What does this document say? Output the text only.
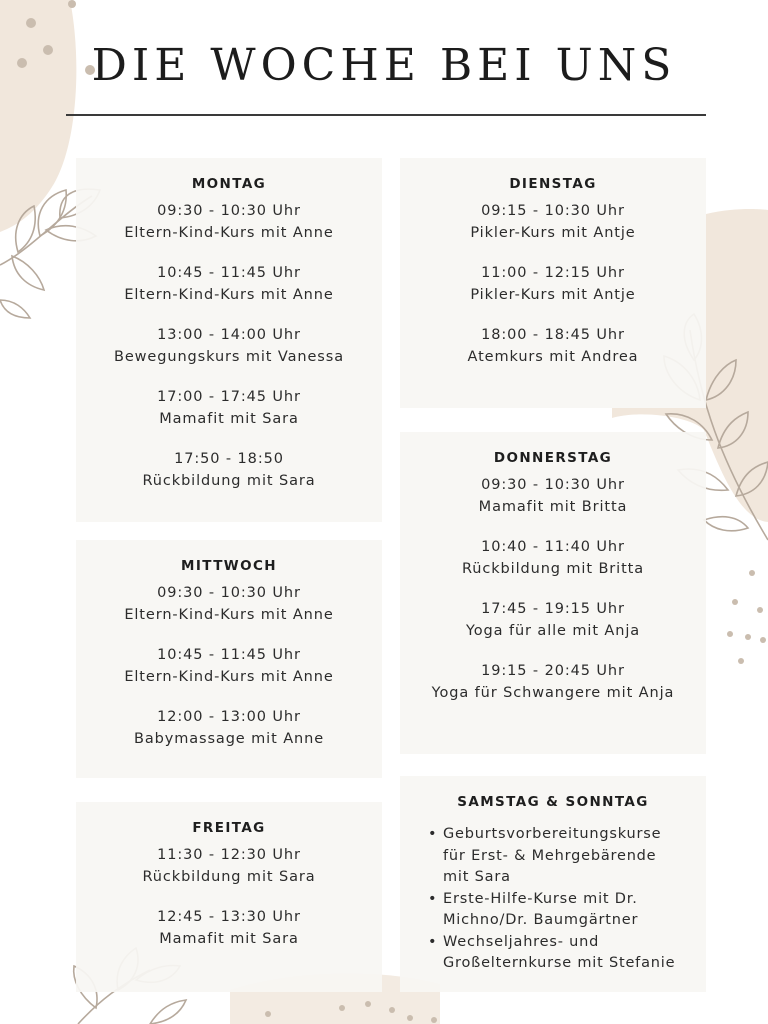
DIE WOCHE BEI UNS
MONTAG
09:30 - 10:30 Uhr
Eltern-Kind-Kurs mit Anne
10:45 - 11:45 Uhr
Eltern-Kind-Kurs mit Anne
13:00 - 14:00 Uhr
Bewegungskurs mit Vanessa
17:00 - 17:45 Uhr
Mamafit mit Sara
17:50 - 18:50
Rückbildung mit Sara
DIENSTAG
09:15 - 10:30 Uhr
Pikler-Kurs mit Antje
11:00 - 12:15 Uhr
Pikler-Kurs mit Antje
18:00 - 18:45 Uhr
Atemkurs mit Andrea
MITTWOCH
09:30 - 10:30 Uhr
Eltern-Kind-Kurs mit Anne
10:45 - 11:45 Uhr
Eltern-Kind-Kurs mit Anne
12:00 - 13:00 Uhr
Babymassage mit Anne
DONNERSTAG
09:30 - 10:30 Uhr
Mamafit mit Britta
10:40 - 11:40 Uhr
Rückbildung mit Britta
17:45 - 19:15 Uhr
Yoga für alle mit Anja
19:15 - 20:45 Uhr
Yoga für Schwangere mit Anja
FREITAG
11:30 - 12:30 Uhr
Rückbildung mit Sara
12:45 - 13:30 Uhr
Mamafit mit Sara
SAMSTAG & SONNTAG
• Geburtsvorbereitungskurse
für Erst- & Mehrgebärende
mit Sara
• Erste-Hilfe-Kurse mit Dr.
Michno/Dr. Baumgärtner
• Wechseljahres- und
Großelternkurse mit Stefanie
